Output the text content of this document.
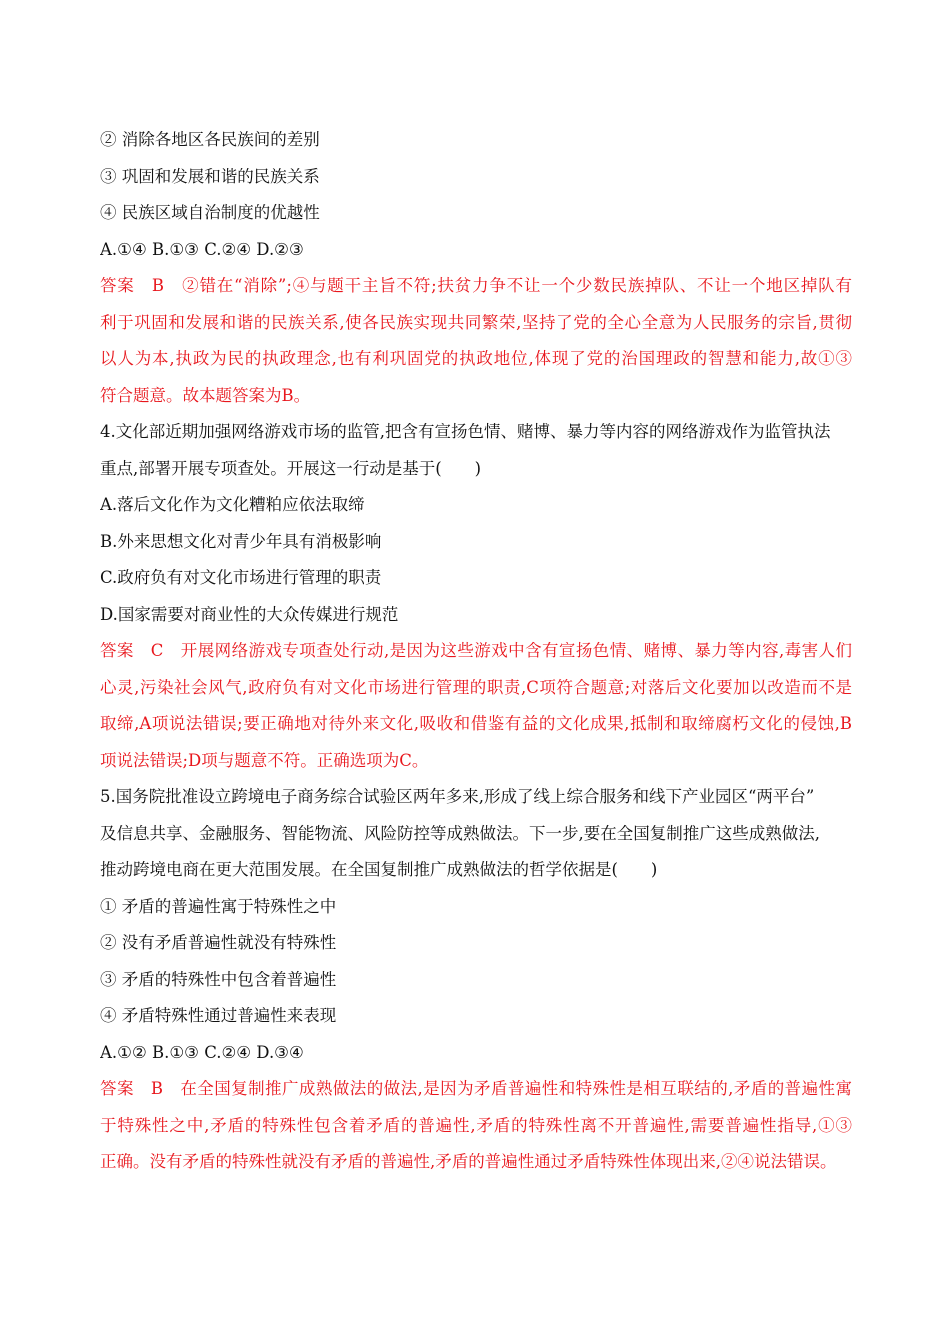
② 消除各地区各民族间的差别
③ 巩固和发展和谐的民族关系
④ 民族区域自治制度的优越性
A.①④ B.①③ C.②④ D.②③
答案　B　②错在“消除”;④与题干主旨不符;扶贫力争不让一个少数民族掉队、不让一个地区掉队有
利于巩固和发展和谐的民族关系,使各民族实现共同繁荣,坚持了党的全心全意为人民服务的宗旨,贯彻
以人为本,执政为民的执政理念,也有利巩固党的执政地位,体现了党的治国理政的智慧和能力,故①③
符合题意。故本题答案为B。
4.文化部近期加强网络游戏市场的监管,把含有宣扬色情、赌博、暴力等内容的网络游戏作为监管执法
重点,部署开展专项查处。开展这一行动是基于(　　)
A.落后文化作为文化糟粕应依法取缔
B.外来思想文化对青少年具有消极影响
C.政府负有对文化市场进行管理的职责
D.国家需要对商业性的大众传媒进行规范
答案　C　开展网络游戏专项查处行动,是因为这些游戏中含有宣扬色情、赌博、暴力等内容,毒害人们
心灵,污染社会风气,政府负有对文化市场进行管理的职责,C项符合题意;对落后文化要加以改造而不是
取缔,A项说法错误;要正确地对待外来文化,吸收和借鉴有益的文化成果,抵制和取缔腐朽文化的侵蚀,B
项说法错误;D项与题意不符。正确选项为C。
5.国务院批准设立跨境电子商务综合试验区两年多来,形成了线上综合服务和线下产业园区“两平台”
及信息共享、金融服务、智能物流、风险防控等成熟做法。下一步,要在全国复制推广这些成熟做法,
推动跨境电商在更大范围发展。在全国复制推广成熟做法的哲学依据是(　　)
① 矛盾的普遍性寓于特殊性之中
② 没有矛盾普遍性就没有特殊性
③ 矛盾的特殊性中包含着普遍性
④ 矛盾特殊性通过普遍性来表现
A.①② B.①③ C.②④ D.③④
答案　B　在全国复制推广成熟做法的做法,是因为矛盾普遍性和特殊性是相互联结的,矛盾的普遍性寓
于特殊性之中,矛盾的特殊性包含着矛盾的普遍性,矛盾的特殊性离不开普遍性,需要普遍性指导,①③
正确。没有矛盾的特殊性就没有矛盾的普遍性,矛盾的普遍性通过矛盾特殊性体现出来,②④说法错误。
